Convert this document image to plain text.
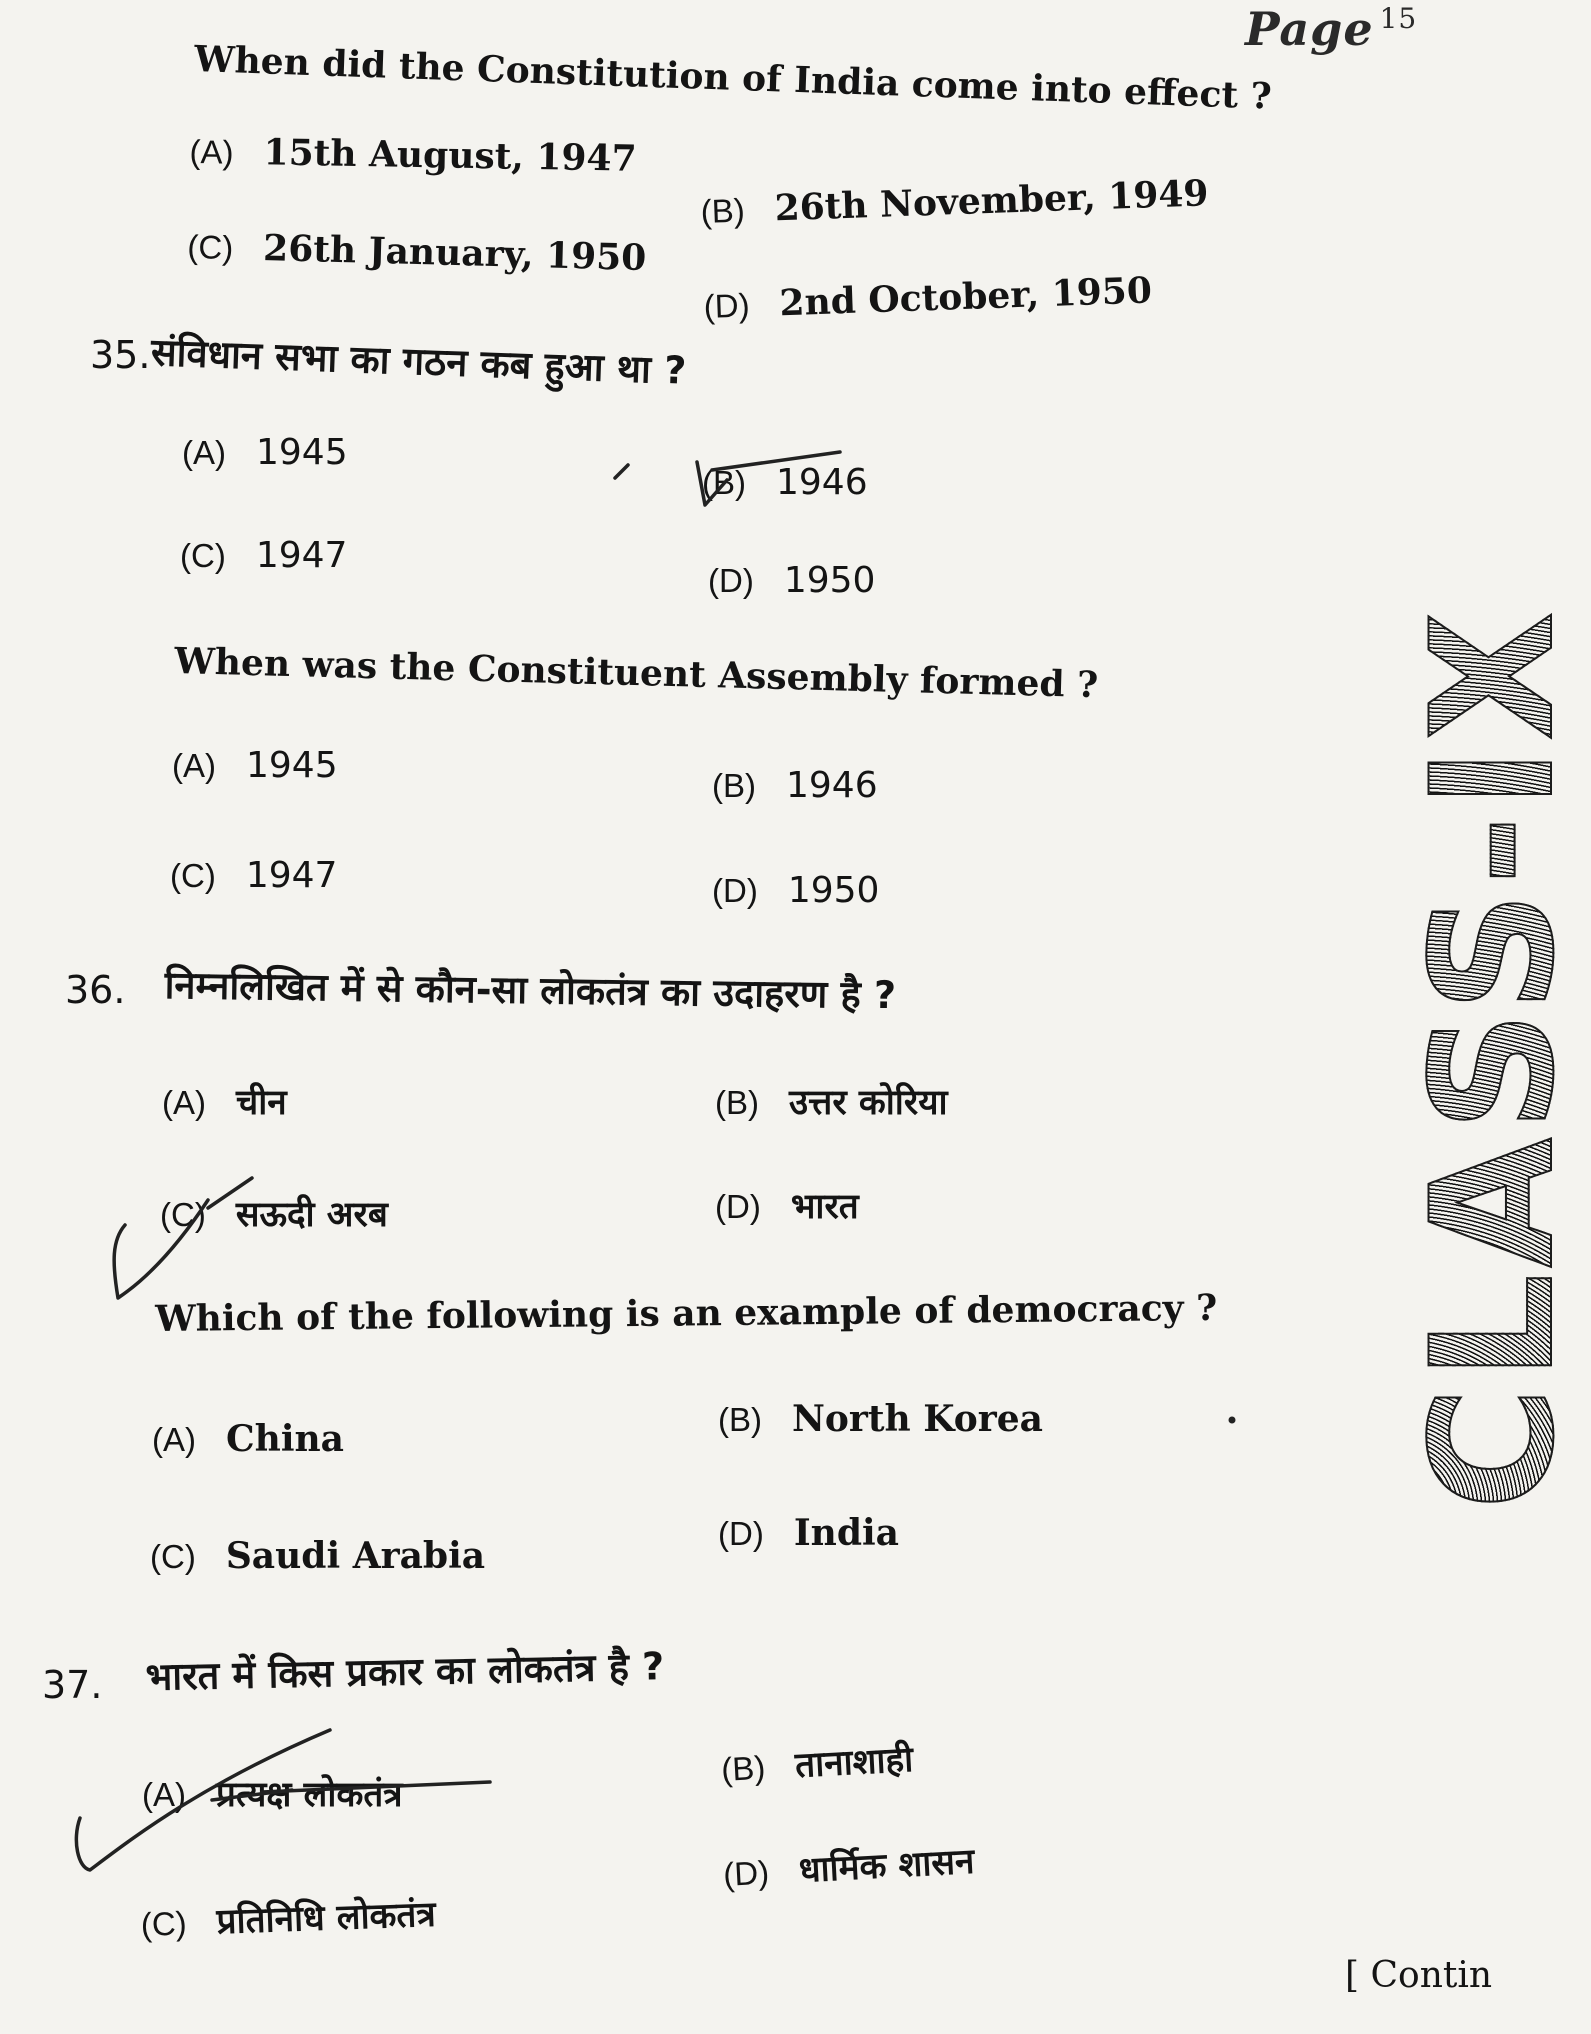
Page $^{15}$
CLASS-IX
When did the Constitution of India come into effect ?
(A) 15th August, 1947
(B) 26th November, 1949
(C) 26th January, 1950
(D) 2nd October, 1950
35. संविधान सभा का गठन कब हुआ था ?
(A) 1945
(B) 1946
(C) 1947
(D) 1950
When was the Constituent Assembly formed ?
(A) 1945	(B) 1946
(C) 1947	(D) 1950
36. निम्नलिखित में से कौन-सा लोकतंत्र का उदाहरण है ?
(A) चीन	(B) उत्तर कोरिया
(C) सऊदी अरब	(D) भारत
Which of the following is an example of democracy ?
(A) China	(B) North Korea
(C) Saudi Arabia
(D) India
37. भारत में किस प्रकार का लोकतंत्र है ?
(A) प्रत्यक्ष लोकतंत्र
(B) तानाशाही
(C) प्रतिनिधि लोकतंत्र
(D) धार्मिक शासन
[ Contin
